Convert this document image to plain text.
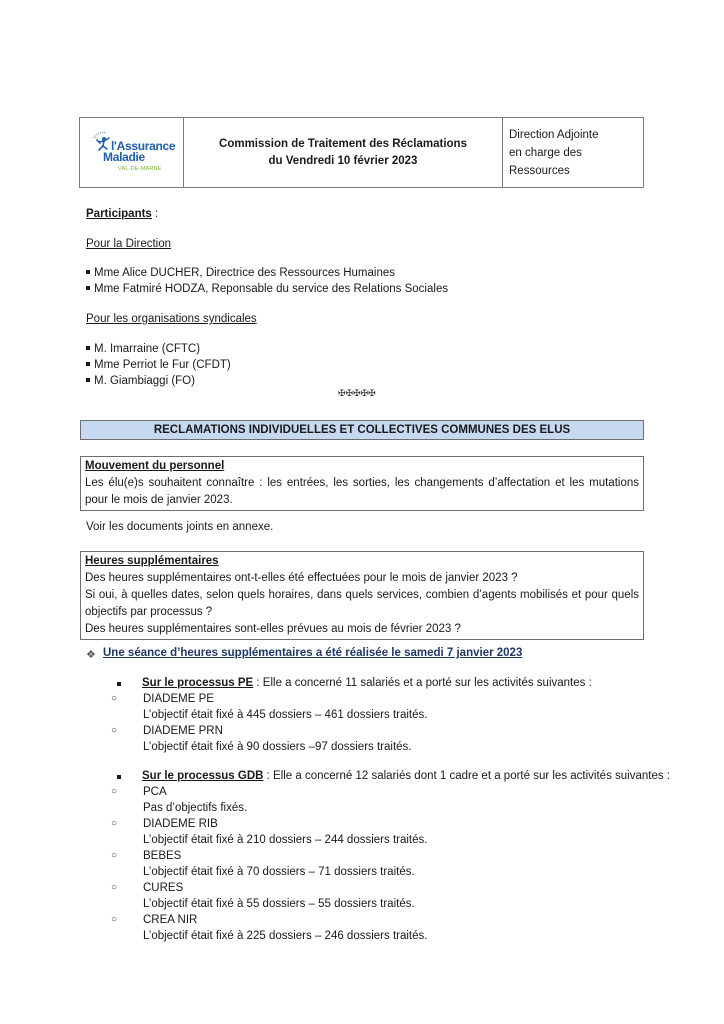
l'Assurance
Maladie
VAL-DE-MARNE
Commission de Traitement des Réclamations
du Vendredi 10 février 2023
Direction Adjointe
en charge des Ressources
Participants :
Pour la Direction
Mme Alice DUCHER, Directrice des Ressources Humaines
Mme Fatmiré HODZA, Reponsable du service des Relations Sociales
Pour les organisations syndicales
M. Imarraine (CFTC)
Mme Perriot le Fur (CFDT)
M. Giambiaggi (FO)
✠✠✠✠✠
RECLAMATIONS INDIVIDUELLES ET COLLECTIVES COMMUNES DES ELUS

Mouvement du personnel

Les élu(e)s souhaitent connaître : les entrées, les sorties, les changements d’affectation et les mutations pour le mois de janvier 2023.

Voir les documents joints en annexe.

Heures supplémentaires

Des heures supplémentaires ont-t-elles été effectuées pour le mois de janvier 2023 ?

Si oui, à quelles dates, selon quels horaires, dans quels services, combien d’agents mobilisés et pour quels objectifs par processus ?

Des heures supplémentaires sont-elles prévues au mois de février 2023 ?

❖ Une séance d’heures supplémentaires a été réalisée le samedi 7 janvier 2023
Sur le processus PE : Elle a concerné 11 salariés et a porté sur les activités suivantes :
○ DIADEME PE
L’objectif était fixé à 445 dossiers – 461 dossiers traités.
○ DIADEME PRN
L’objectif était fixé à 90 dossiers –97 dossiers traités.
Sur le processus GDB : Elle a concerné 12 salariés dont 1 cadre et a porté sur les activités suivantes :
○ PCA
Pas d’objectifs fixés.
○ DIADEME RIB
L’objectif était fixé à 210 dossiers – 244 dossiers traités.
○ BEBES
L’objectif était fixé à 70 dossiers – 71 dossiers traités.
○ CURES
L’objectif était fixé à 55 dossiers – 55 dossiers traités.
○ CREA NIR
L’objectif était fixé à 225 dossiers – 246 dossiers traités.
